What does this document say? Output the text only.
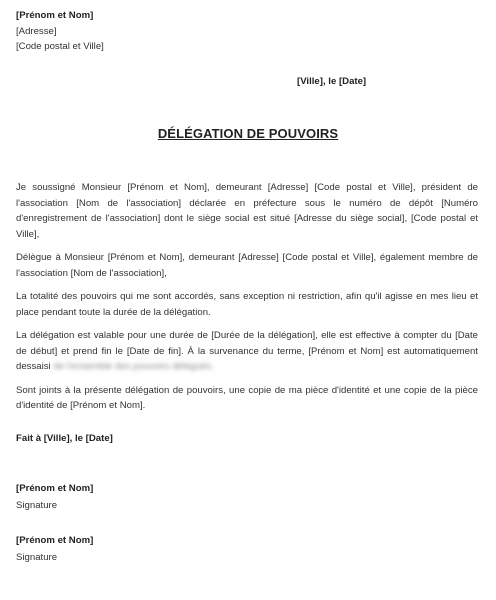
[Prénom et Nom]
[Adresse]
[Code postal et Ville]
[Ville], le [Date]
DÉLÉGATION DE POUVOIRS

Je soussigné Monsieur [Prénom et Nom], demeurant [Adresse] [Code postal et Ville], président de l'association [Nom de l'association] déclarée en préfecture sous le numéro de dépôt [Numéro d'enregistrement de l'association] dont le siège social est situé [Adresse du siège social], [Code postal et Ville],

Délègue à Monsieur [Prénom et Nom], demeurant [Adresse] [Code postal et Ville], également membre de l'association [Nom de l'association],

La totalité des pouvoirs qui me sont accordés, sans exception ni restriction, afin qu'il agisse en mes lieu et place pendant toute la durée de la délégation.

La délégation est valable pour une durée de [Durée de la délégation], elle est effective à compter du [Date de début] et prend fin le [Date de fin]. À la survenance du terme, [Prénom et Nom] est automatiquement dessaisi de l'ensemble des pouvoirs délégués.

Sont joints à la présente délégation de pouvoirs, une copie de ma pièce d'identité et une copie de la pièce d'identité de [Prénom et Nom].

Fait à [Ville], le [Date]
[Prénom et Nom]
Signature
[Prénom et Nom]
Signature
